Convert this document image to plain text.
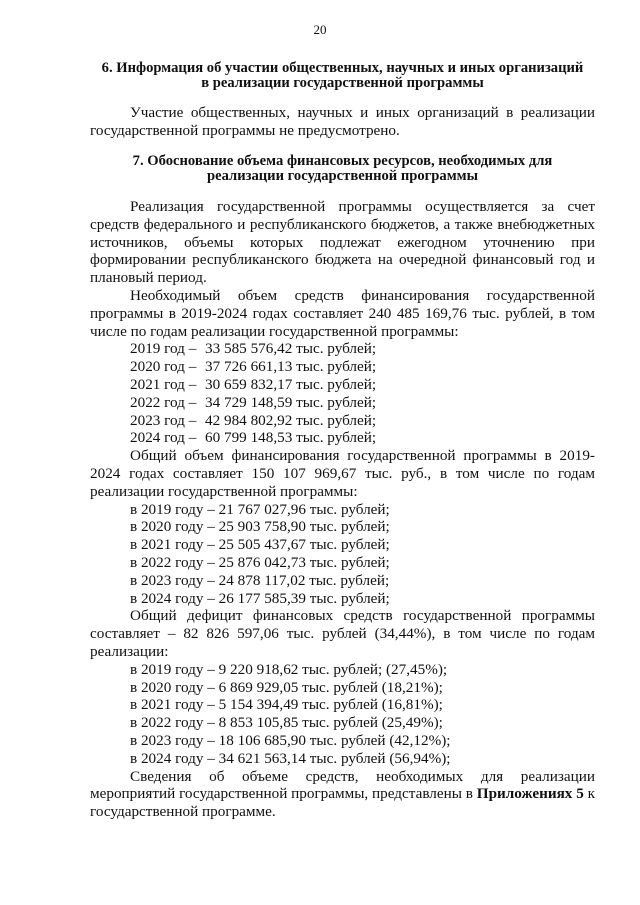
20
6. Информация об участии общественных, научных и иных организаций
в реализации государственной программы

Участие общественных, научных и иных организаций в реализации государственной программы не предусмотрено.

7. Обоснование объема финансовых ресурсов, необходимых для
реализации государственной программы

Реализация государственной программы осуществляется за счет средств федерального и республиканского бюджетов, а также внебюджетных источников, объемы которых подлежат ежегодном уточнению при формировании республиканского бюджета на очередной финансовый год и плановый период.

Необходимый объем средств финансирования государственной программы в 2019-2024 годах составляет 240 485 169,76 тыс. рублей, в том числе по годам реализации государственной программы:

2019 год – 33 585 576,42 тыс. рублей;

2020 год – 37 726 661,13 тыс. рублей;

2021 год – 30 659 832,17 тыс. рублей;

2022 год – 34 729 148,59 тыс. рублей;

2023 год – 42 984 802,92 тыс. рублей;

2024 год – 60 799 148,53 тыс. рублей;

Общий объем финансирования государственной программы в 2019-2024 годах составляет 150 107 969,67 тыс. руб., в том числе по годам реализации государственной программы:

в 2019 году – 21 767 027,96 тыс. рублей;

в 2020 году – 25 903 758,90 тыс. рублей;

в 2021 году – 25 505 437,67 тыс. рублей;

в 2022 году – 25 876 042,73 тыс. рублей;

в 2023 году – 24 878 117,02 тыс. рублей;

в 2024 году – 26 177 585,39 тыс. рублей;

Общий дефицит финансовых средств государственной программы составляет – 82 826 597,06 тыс. рублей (34,44%), в том числе по годам реализации:

в 2019 году – 9 220 918,62 тыс. рублей; (27,45%);

в 2020 году – 6 869 929,05 тыс. рублей (18,21%);

в 2021 году – 5 154 394,49 тыс. рублей (16,81%);

в 2022 году – 8 853 105,85 тыс. рублей (25,49%);

в 2023 году – 18 106 685,90 тыс. рублей (42,12%);

в 2024 году – 34 621 563,14 тыс. рублей (56,94%);

Сведения об объеме средств, необходимых для реализации мероприятий государственной программы, представлены в Приложениях 5 к государственной программе.
